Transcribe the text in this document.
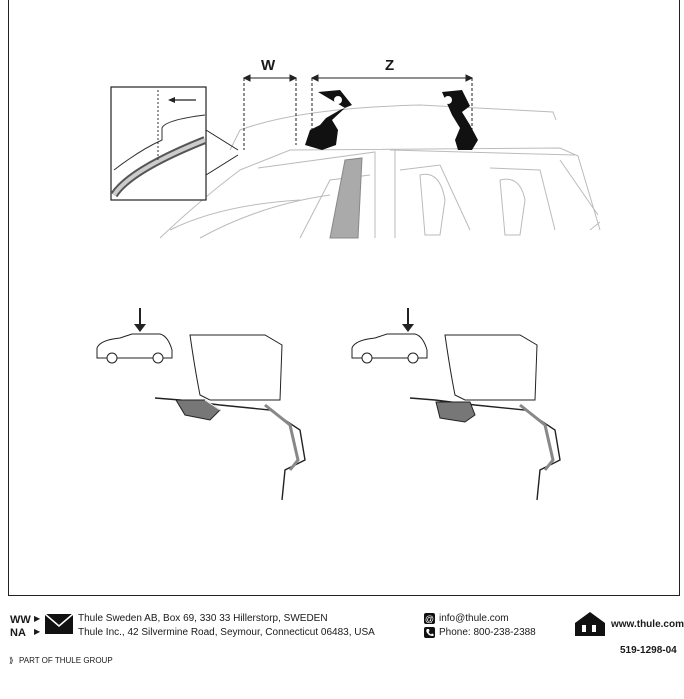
W	Z
WW
NA
▶
▶
Thule Sweden AB, Box 69, 330 33 Hillerstorp, SWEDEN
Thule Inc., 42 Silvermine Road, Seymour, Connecticut 06483, USA
@ info@thule.com
Phone: 800-238-2388
www.thule.com
⟫ PART OF THULE GROUP
519-1298-04
